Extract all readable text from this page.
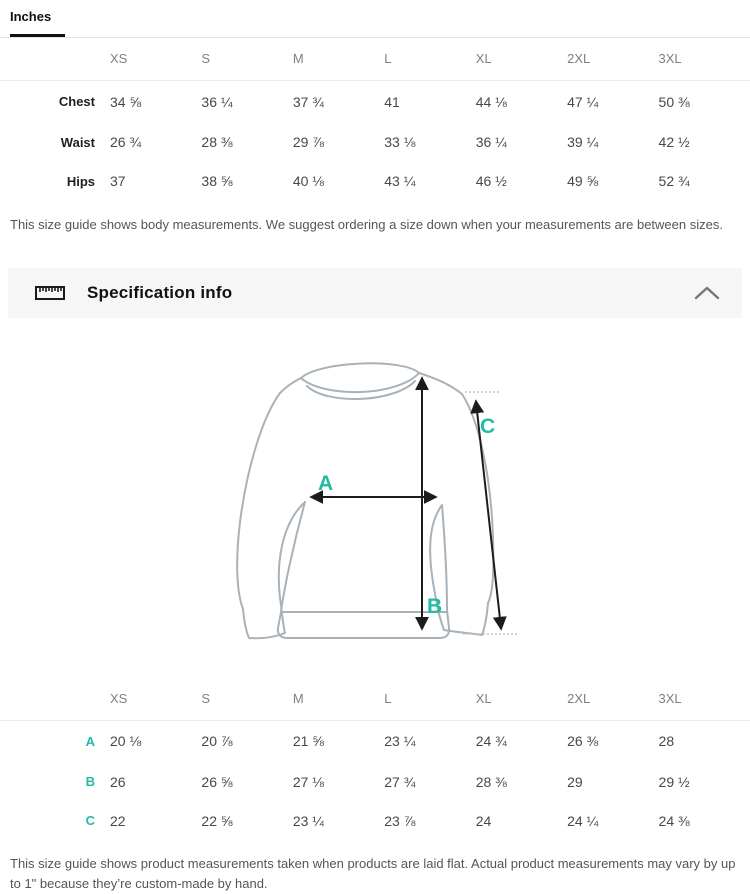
Inches
	XS	S	M	L	XL	2XL	3XL
Chest	34 ⅝	36 ¼	37 ¾	41	44 ⅛	47 ¼	50 ⅜
Waist	26 ¾	28 ⅜	29 ⅞	33 ⅛	36 ¼	39 ¼	42 ½
Hips	37	38 ⅝	40 ⅛	43 ¼	46 ½	49 ⅝	52 ¾

This size guide shows body measurements. We suggest ordering a size down when your measurements are between sizes.

Specification info
A
B
C
	XS	S	M	L	XL	2XL	3XL
A	20 ⅛	20 ⅞	21 ⅝	23 ¼	24 ¾	26 ⅜	28
B	26	26 ⅝	27 ⅛	27 ¾	28 ⅜	29	29 ½
C	22	22 ⅝	23 ¼	23 ⅞	24	24 ¼	24 ⅜

This size guide shows product measurements taken when products are laid flat. Actual product measurements may vary by up to 1" because they’re custom-made by hand.
